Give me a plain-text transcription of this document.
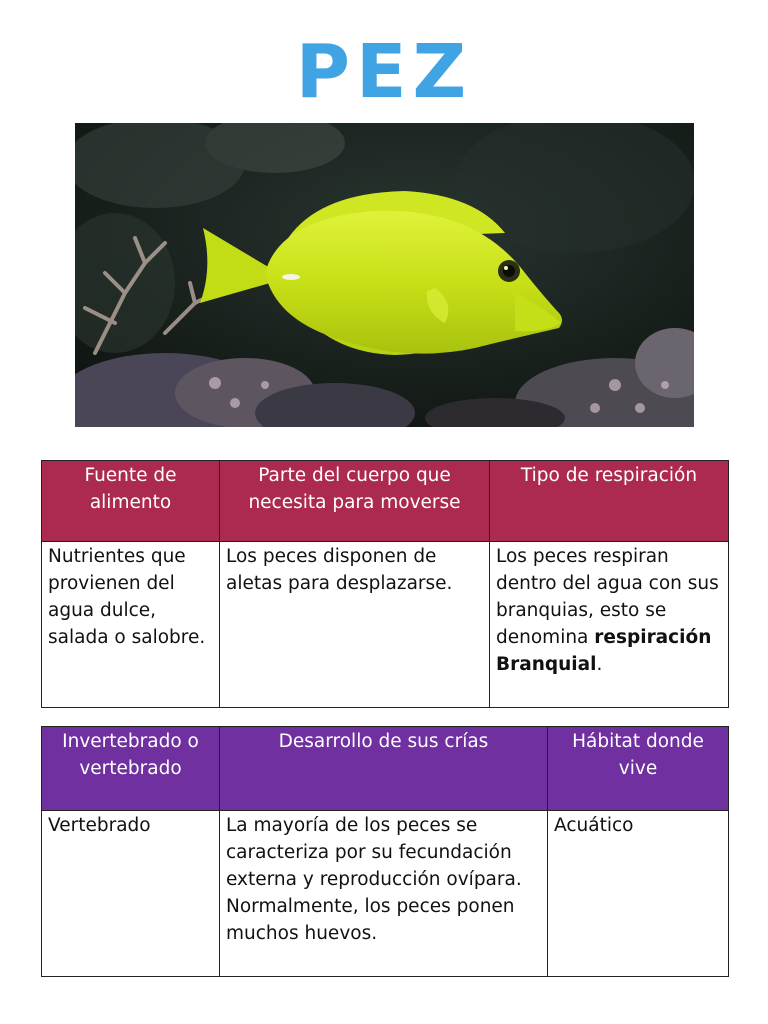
PEZ
Fuente de alimento	Parte del cuerpo que necesita para moverse	Tipo de respiración
Nutrientes que provienen del agua dulce, salada o salobre.	Los peces disponen de aletas para desplazarse.	Los peces respiran dentro del agua con sus branquias, esto se denomina respiración Branquial.
Invertebrado o vertebrado	Desarrollo de sus crías	Hábitat donde vive
Vertebrado	La mayoría de los peces se caracteriza por su fecundación externa y reproducción ovípara. Normalmente, los peces ponen muchos huevos.	Acuático
